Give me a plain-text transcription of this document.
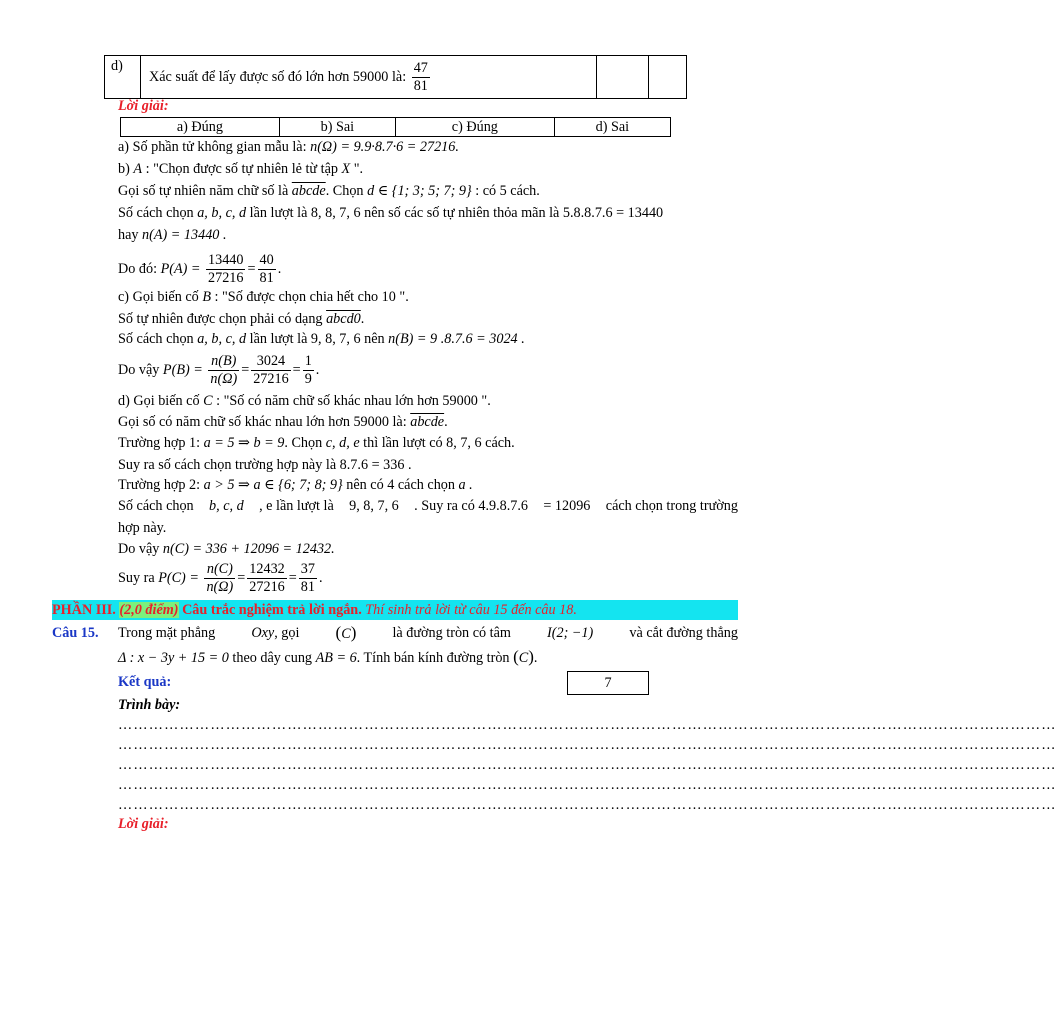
d)	Xác suất để lấy được số đó lớn hơn 59000 là: $\frac{47}{81}$

Lời giải:
a) Đúng	b) Sai	c) Đúng	d) Sai
a) Số phần tử không gian mẫu là: n(Ω) = 9.9·8.7·6 = 27216.
b) A : "Chọn được số tự nhiên lẻ từ tập X ".
Gọi số tự nhiên năm chữ số là abcde. Chọn d ∈ {1; 3; 5; 7; 9} : có 5 cách.
Số cách chọn a, b, c, d lần lượt là 8, 8, 7, 6 nên số các số tự nhiên thỏa mãn là 5.8.8.7.6 = 13440
hay n(A) = 13440 .
Do đó: $P(A) = \frac{13440}{27216} = \frac{40}{81}$ .
c) Gọi biến cố B : "Số được chọn chia hết cho 10 ".
Số tự nhiên được chọn phải có dạng abcd0.
Số cách chọn a, b, c, d lần lượt là 9, 8, 7, 6 nên n(B) = 9 .8.7.6 = 3024 .
Do vậy $P(B) = \frac{n(B)}{n(\Omega)} = \frac{3024}{27216} = \frac{1}{9}$ .
d) Gọi biến cố C : "Số có năm chữ số khác nhau lớn hơn 59000 ".
Gọi số có năm chữ số khác nhau lớn hơn 59000 là: abcde.
Trường hợp 1: a = 5 ⇒ b = 9. Chọn c, d, e thì lần lượt có 8, 7, 6 cách.
Suy ra số cách chọn trường hợp này là 8.7.6 = 336 .
Trường hợp 2: a > 5 ⇒ a ∈ {6; 7; 8; 9} nên có 4 cách chọn a .
Số cách chọn b, c, d , e lần lượt là 9, 8, 7, 6 . Suy ra có 4.9.8.7.6 = 12096 cách chọn trong trường
hợp này.
Do vậy n(C) = 336 + 12096 = 12432.
Suy ra $P(C) = \frac{n(C)}{n(\Omega)} = \frac{12432}{27216} = \frac{37}{81}$ .
PHẦN III. (2,0 điểm) Câu trắc nghiệm trả lời ngắn. Thí sinh trả lời từ câu 15 đến câu 18.
Câu 15. Trong mặt phẳng	Oxy, gọi (C)	là đường tròn có tâm	I(2; −1)	và cắt đường thẳng
Δ : x − 3y + 15 = 0 theo dây cung AB = 6. Tính bán kính đường tròn (C).
Kết quả:	7
Trình bày:
…………………………………………………………………………………………………………………………………………………………………
…………………………………………………………………………………………………………………………………………………………………
…………………………………………………………………………………………………………………………………………………………………
…………………………………………………………………………………………………………………………………………………………………
…………………………………………………………………………………………………………………………………………………………………
Lời giải:
